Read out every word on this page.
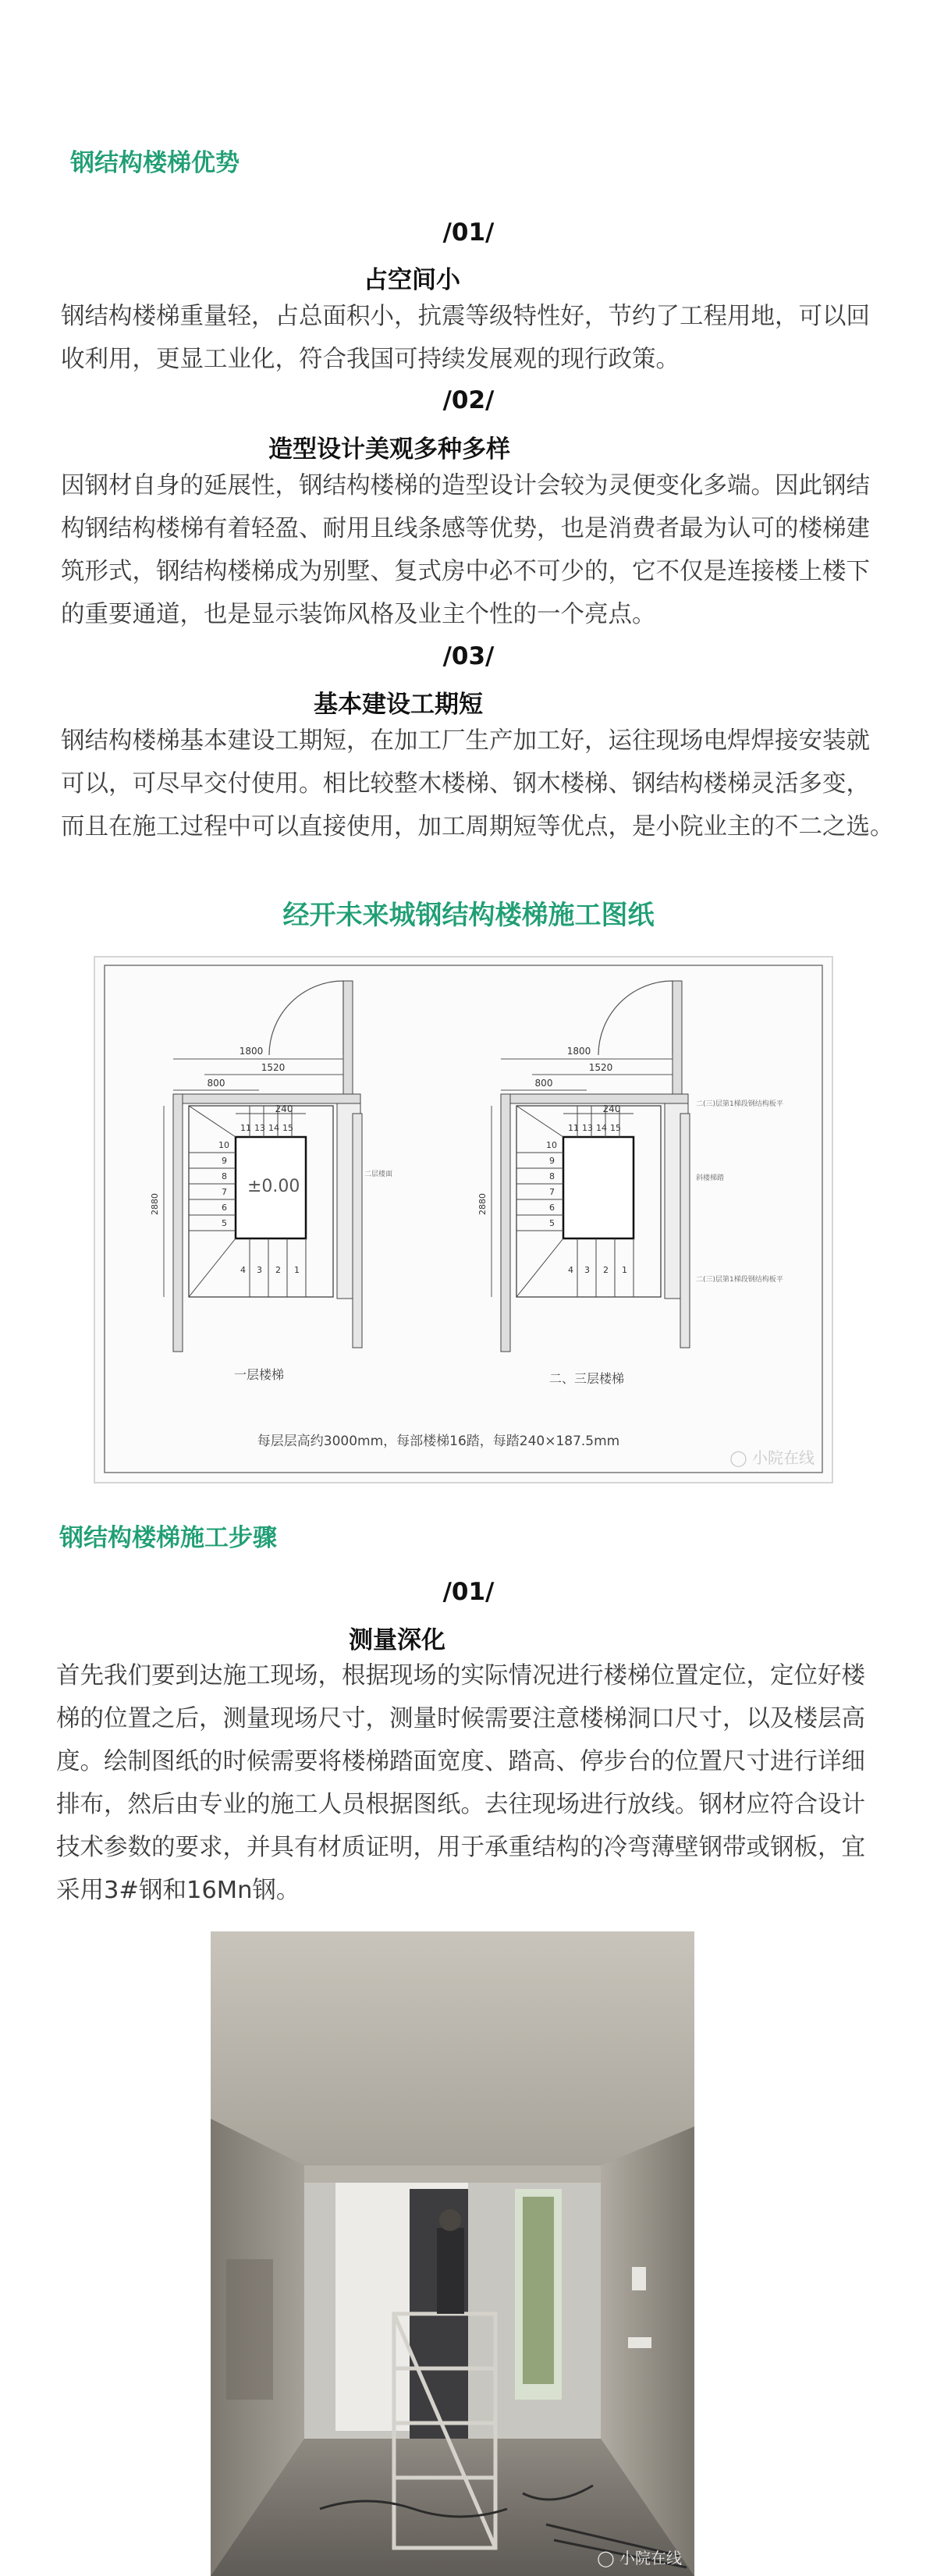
钢结构楼梯优势
/01/
占空间小
钢结构楼梯重量轻，占总面积小，抗震等级特性好，节约了工程用地，可以回
收利用，更显工业化，符合我国可持续发展观的现行政策。
/02/
造型设计美观多种多样
因钢材自身的延展性，钢结构楼梯的造型设计会较为灵便变化多端。因此钢结
构钢结构楼梯有着轻盈、耐用且线条感等优势，也是消费者最为认可的楼梯建
筑形式，钢结构楼梯成为别墅、复式房中必不可少的，它不仅是连接楼上楼下
的重要通道，也是显示装饰风格及业主个性的一个亮点。
/03/
基本建设工期短
钢结构楼梯基本建设工期短，在加工厂生产加工好，运往现场电焊焊接安装就
可以，可尽早交付使用。相比较整木楼梯、钢木楼梯、钢结构楼梯灵活多变，
而且在施工过程中可以直接使用，加工周期短等优点，是小院业主的不二之选。
经开未来城钢结构楼梯施工图纸
1800
1520
800
240
11 13 14 15
10
9
8
7
6
5
4 3 2 1
±0.00
二层楼面
2880
一层楼梯
1800
1520
800
240
11 13 14 15
10
9
8
7
6
5
4 3 2 1
2880
二(三)层第1梯段钢结构板平
斜楼梯踏
二(三)层第1梯段钢结构板平
二、三层楼梯
每层层高约3000mm，每部楼梯16踏，每踏240×187.5mm
◯ 小院在线
钢结构楼梯施工步骤
/01/
测量深化
首先我们要到达施工现场，根据现场的实际情况进行楼梯位置定位，定位好楼
梯的位置之后，测量现场尺寸，测量时候需要注意楼梯洞口尺寸，以及楼层高
度。绘制图纸的时候需要将楼梯踏面宽度、踏高、停步台的位置尺寸进行详细
排布，然后由专业的施工人员根据图纸。去往现场进行放线。钢材应符合设计
技术参数的要求，并具有材质证明，用于承重结构的冷弯薄壁钢带或钢板，宜
采用3#钢和16Mn钢。
◯ 小院在线
